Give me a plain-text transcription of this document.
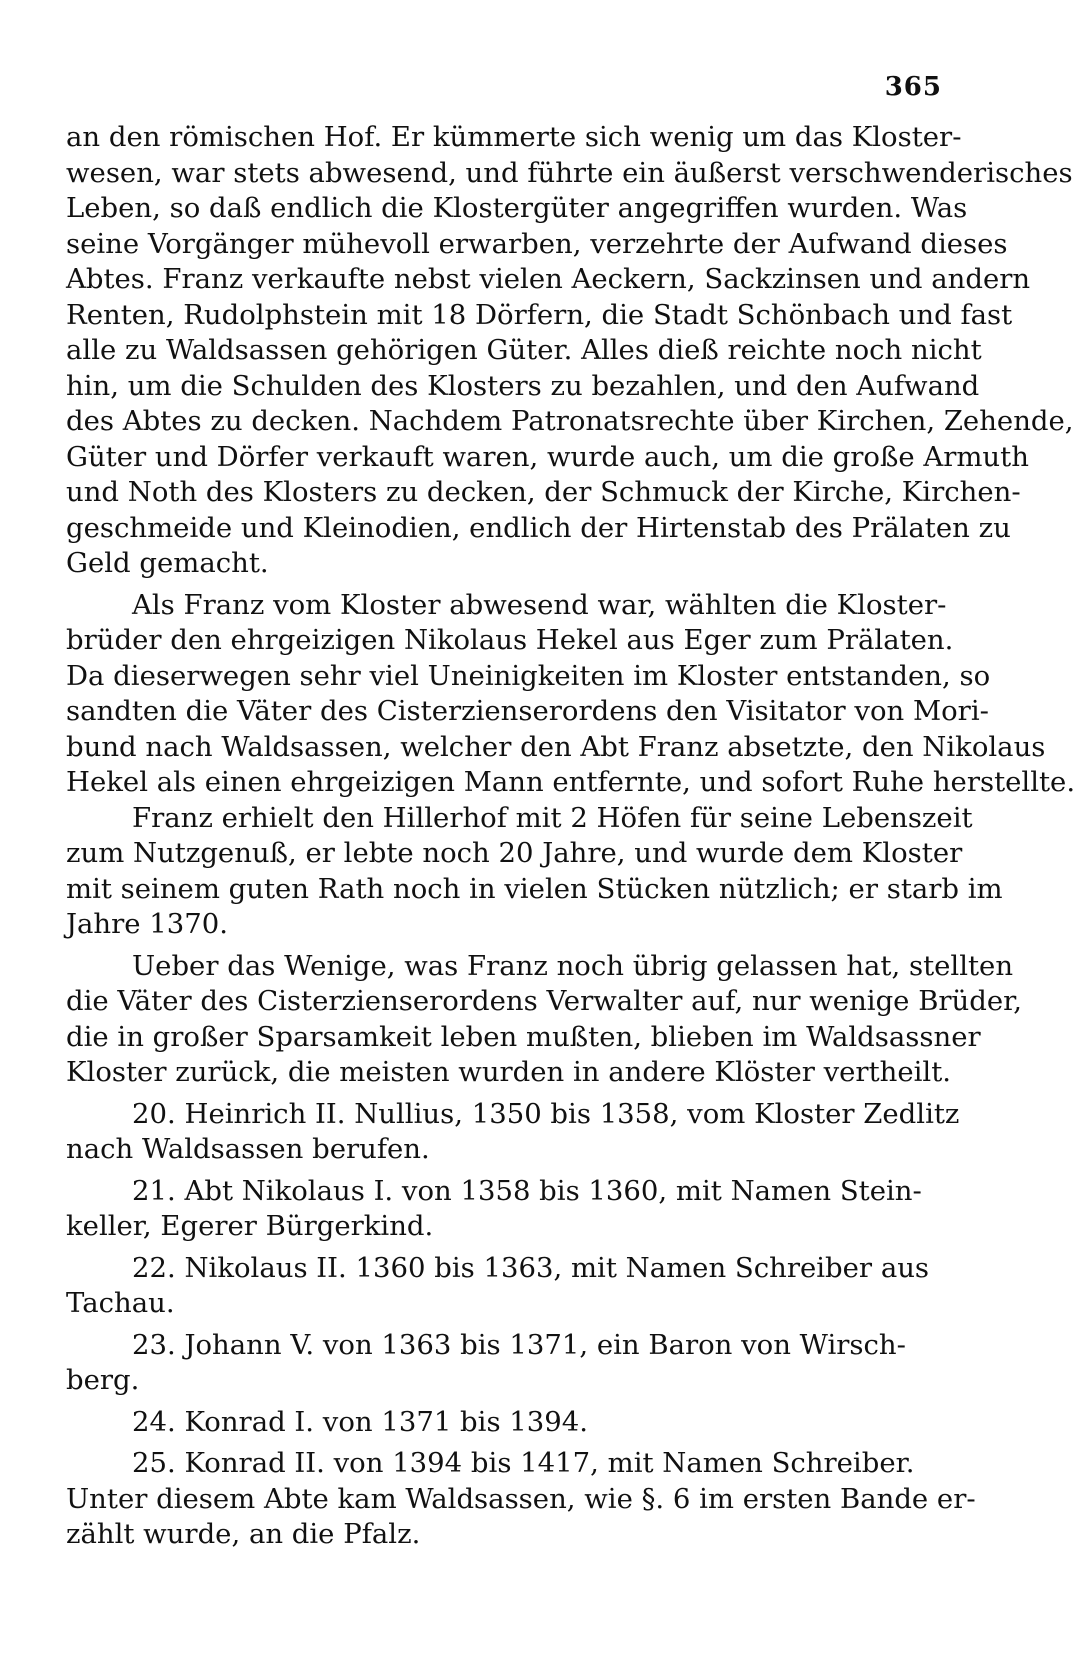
365
an den römischen Hof. Er kümmerte sich wenig um das Kloster-
wesen, war stets abwesend, und führte ein äußerst verschwenderisches
Leben, so daß endlich die Klostergüter angegriffen wurden. Was
seine Vorgänger mühevoll erwarben, verzehrte der Aufwand dieses
Abtes. Franz verkaufte nebst vielen Aeckern, Sackzinsen und andern
Renten, Rudolphstein mit 18 Dörfern, die Stadt Schönbach und fast
alle zu Waldsassen gehörigen Güter. Alles dieß reichte noch nicht
hin, um die Schulden des Klosters zu bezahlen, und den Aufwand
des Abtes zu decken. Nachdem Patronatsrechte über Kirchen, Zehende,
Güter und Dörfer verkauft waren, wurde auch, um die große Armuth
und Noth des Klosters zu decken, der Schmuck der Kirche, Kirchen-
geschmeide und Kleinodien, endlich der Hirtenstab des Prälaten zu
Geld gemacht.
Als Franz vom Kloster abwesend war, wählten die Kloster-
brüder den ehrgeizigen Nikolaus Hekel aus Eger zum Prälaten.
Da dieserwegen sehr viel Uneinigkeiten im Kloster entstanden, so
sandten die Väter des Cisterzienserordens den Visitator von Mori-
bund nach Waldsassen, welcher den Abt Franz absetzte, den Nikolaus
Hekel als einen ehrgeizigen Mann entfernte, und sofort Ruhe herstellte.
Franz erhielt den Hillerhof mit 2 Höfen für seine Lebenszeit
zum Nutzgenuß, er lebte noch 20 Jahre, und wurde dem Kloster
mit seinem guten Rath noch in vielen Stücken nützlich; er starb im
Jahre 1370.
Ueber das Wenige, was Franz noch übrig gelassen hat, stellten
die Väter des Cisterzienserordens Verwalter auf, nur wenige Brüder,
die in großer Sparsamkeit leben mußten, blieben im Waldsassner
Kloster zurück, die meisten wurden in andere Klöster vertheilt.
20. Heinrich II. Nullius, 1350 bis 1358, vom Kloster Zedlitz
nach Waldsassen berufen.
21. Abt Nikolaus I. von 1358 bis 1360, mit Namen Stein-
keller, Egerer Bürgerkind.
22. Nikolaus II. 1360 bis 1363, mit Namen Schreiber aus
Tachau.
23. Johann V. von 1363 bis 1371, ein Baron von Wirsch-
berg.
24. Konrad I. von 1371 bis 1394.
25. Konrad II. von 1394 bis 1417, mit Namen Schreiber.
Unter diesem Abte kam Waldsassen, wie §. 6 im ersten Bande er-
zählt wurde, an die Pfalz.
